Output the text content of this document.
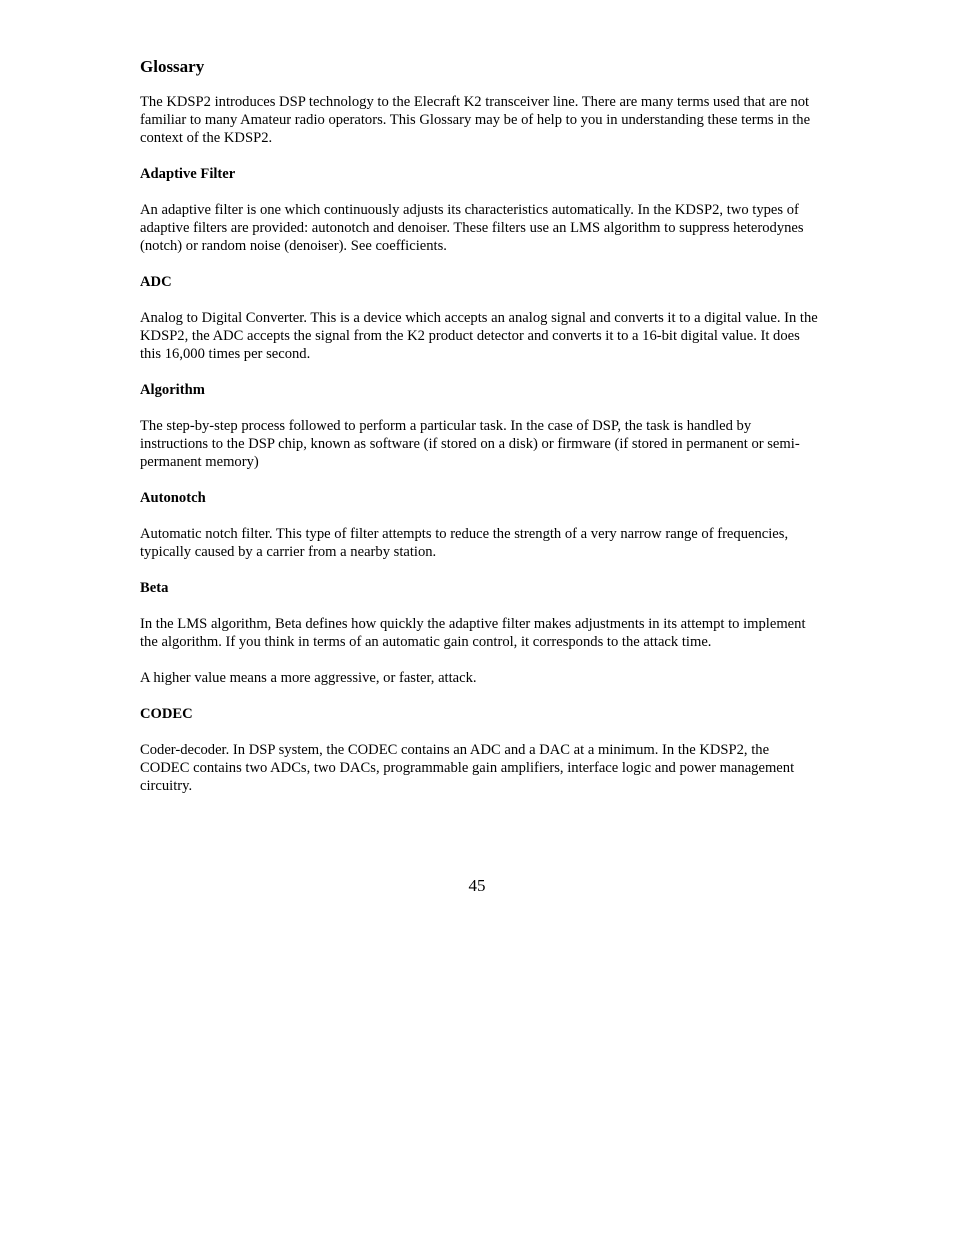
Glossary

The KDSP2 introduces DSP technology to the Elecraft K2 transceiver line. There are many terms used that are not familiar to many Amateur radio operators. This Glossary may be of help to you in understanding these terms in the context of the KDSP2.

Adaptive Filter

An adaptive filter is one which continuously adjusts its characteristics automatically. In the KDSP2, two types of adaptive filters are provided: autonotch and denoiser. These filters use an LMS algorithm to suppress heterodynes (notch) or random noise (denoiser). See coefficients.

ADC

Analog to Digital Converter. This is a device which accepts an analog signal and converts it to a digital value. In the KDSP2, the ADC accepts the signal from the K2 product detector and converts it to a 16-bit digital value. It does this 16,000 times per second.

Algorithm

The step-by-step process followed to perform a particular task. In the case of DSP, the task is handled by instructions to the DSP chip, known as software (if stored on a disk) or firmware (if stored in permanent or semi-permanent memory)

Autonotch

Automatic notch filter. This type of filter attempts to reduce the strength of a very narrow range of frequencies, typically caused by a carrier from a nearby station.

Beta

In the LMS algorithm, Beta defines how quickly the adaptive filter makes adjustments in its attempt to implement the algorithm. If you think in terms of an automatic gain control, it corresponds to the attack time.

A higher value means a more aggressive, or faster, attack.

CODEC

Coder-decoder. In DSP system, the CODEC contains an ADC and a DAC at a minimum. In the KDSP2, the CODEC contains two ADCs, two DACs, programmable gain amplifiers, interface logic and power management circuitry.

45
